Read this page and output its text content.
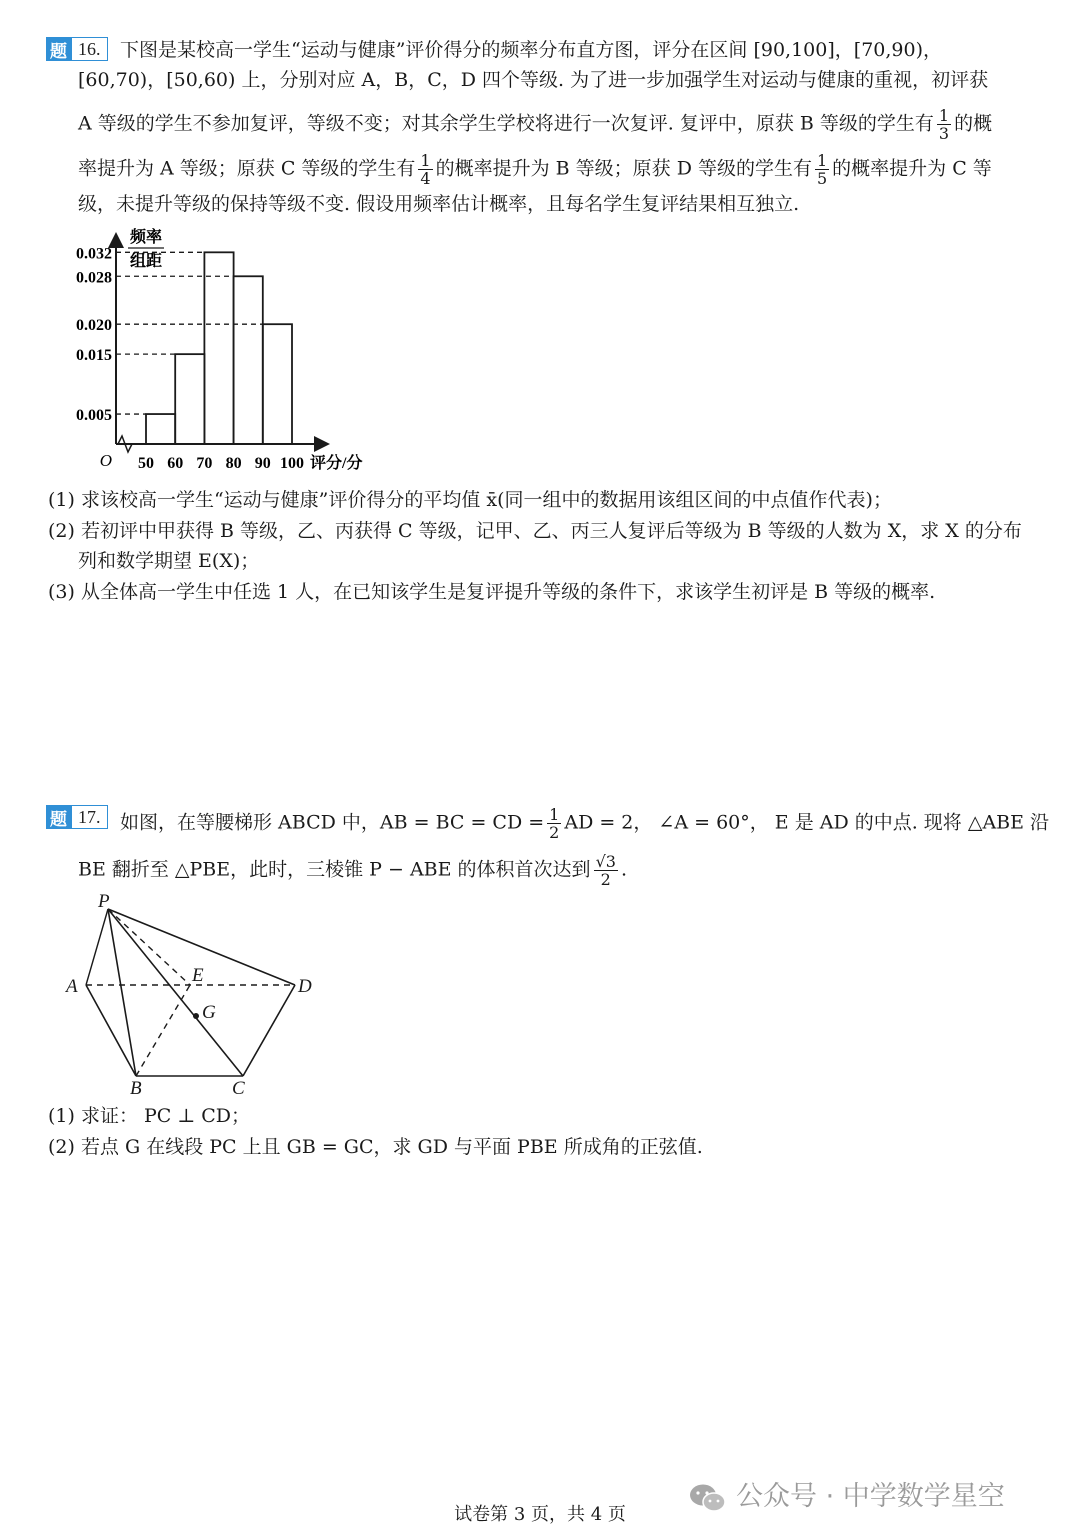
题 16.	下图是某校高一学生“运动与健康”评价得分的频率分布直方图，评分在区间 [90,100]，[70,90)，
[60,70)，[50,60) 上，分别对应 A，B，C，D 四个等级. 为了进一步加强学生对运动与健康的重视，初评获
A 等级的学生不参加复评，等级不变；对其余学生学校将进行一次复评. 复评中，原获 B 等级的学生有 $\frac{1}{3}$ 的概
率提升为 A 等级；原获 C 等级的学生有 $\frac{1}{4}$ 的概率提升为 B 等级；原获 D 等级的学生有 $\frac{1}{5}$ 的概率提升为 C 等
级，未提升等级的保持等级不变. 假设用频率估计概率，且每名学生复评结果相互独立.
0.005
0.015
0.020
0.028
0.032
50 60 70 80 90 100
O	评分/分
频率
组距
(1) 求该校高一学生“运动与健康”评价得分的平均值 x̄(同一组中的数据用该组区间的中点值作代表)；
(2) 若初评中甲获得 B 等级，乙、丙获得 C 等级，记甲、乙、丙三人复评后等级为 B 等级的人数为 X，求 X 的分布
列和数学期望 E(X)；
(3) 从全体高一学生中任选 1 人，在已知该学生是复评提升等级的条件下，求该学生初评是 B 等级的概率.
题 17.	如图，在等腰梯形 ABCD 中，AB = BC = CD = $\frac{1}{2}$ AD = 2， ∠A = 60°， E 是 AD 的中点. 现将 △ABE 沿
BE 翻折至 △PBE，此时，三棱锥 P − ABE 的体积首次达到 $\frac{√3}{2}$ .
P
A
E
D
G
B	C
(1) 求证： PC ⊥ CD；
(2) 若点 G 在线段 PC 上且 GB = GC，求 GD 与平面 PBE 所成角的正弦值.
公众号 · 中学数学星空
试卷第 3 页，共 4 页
